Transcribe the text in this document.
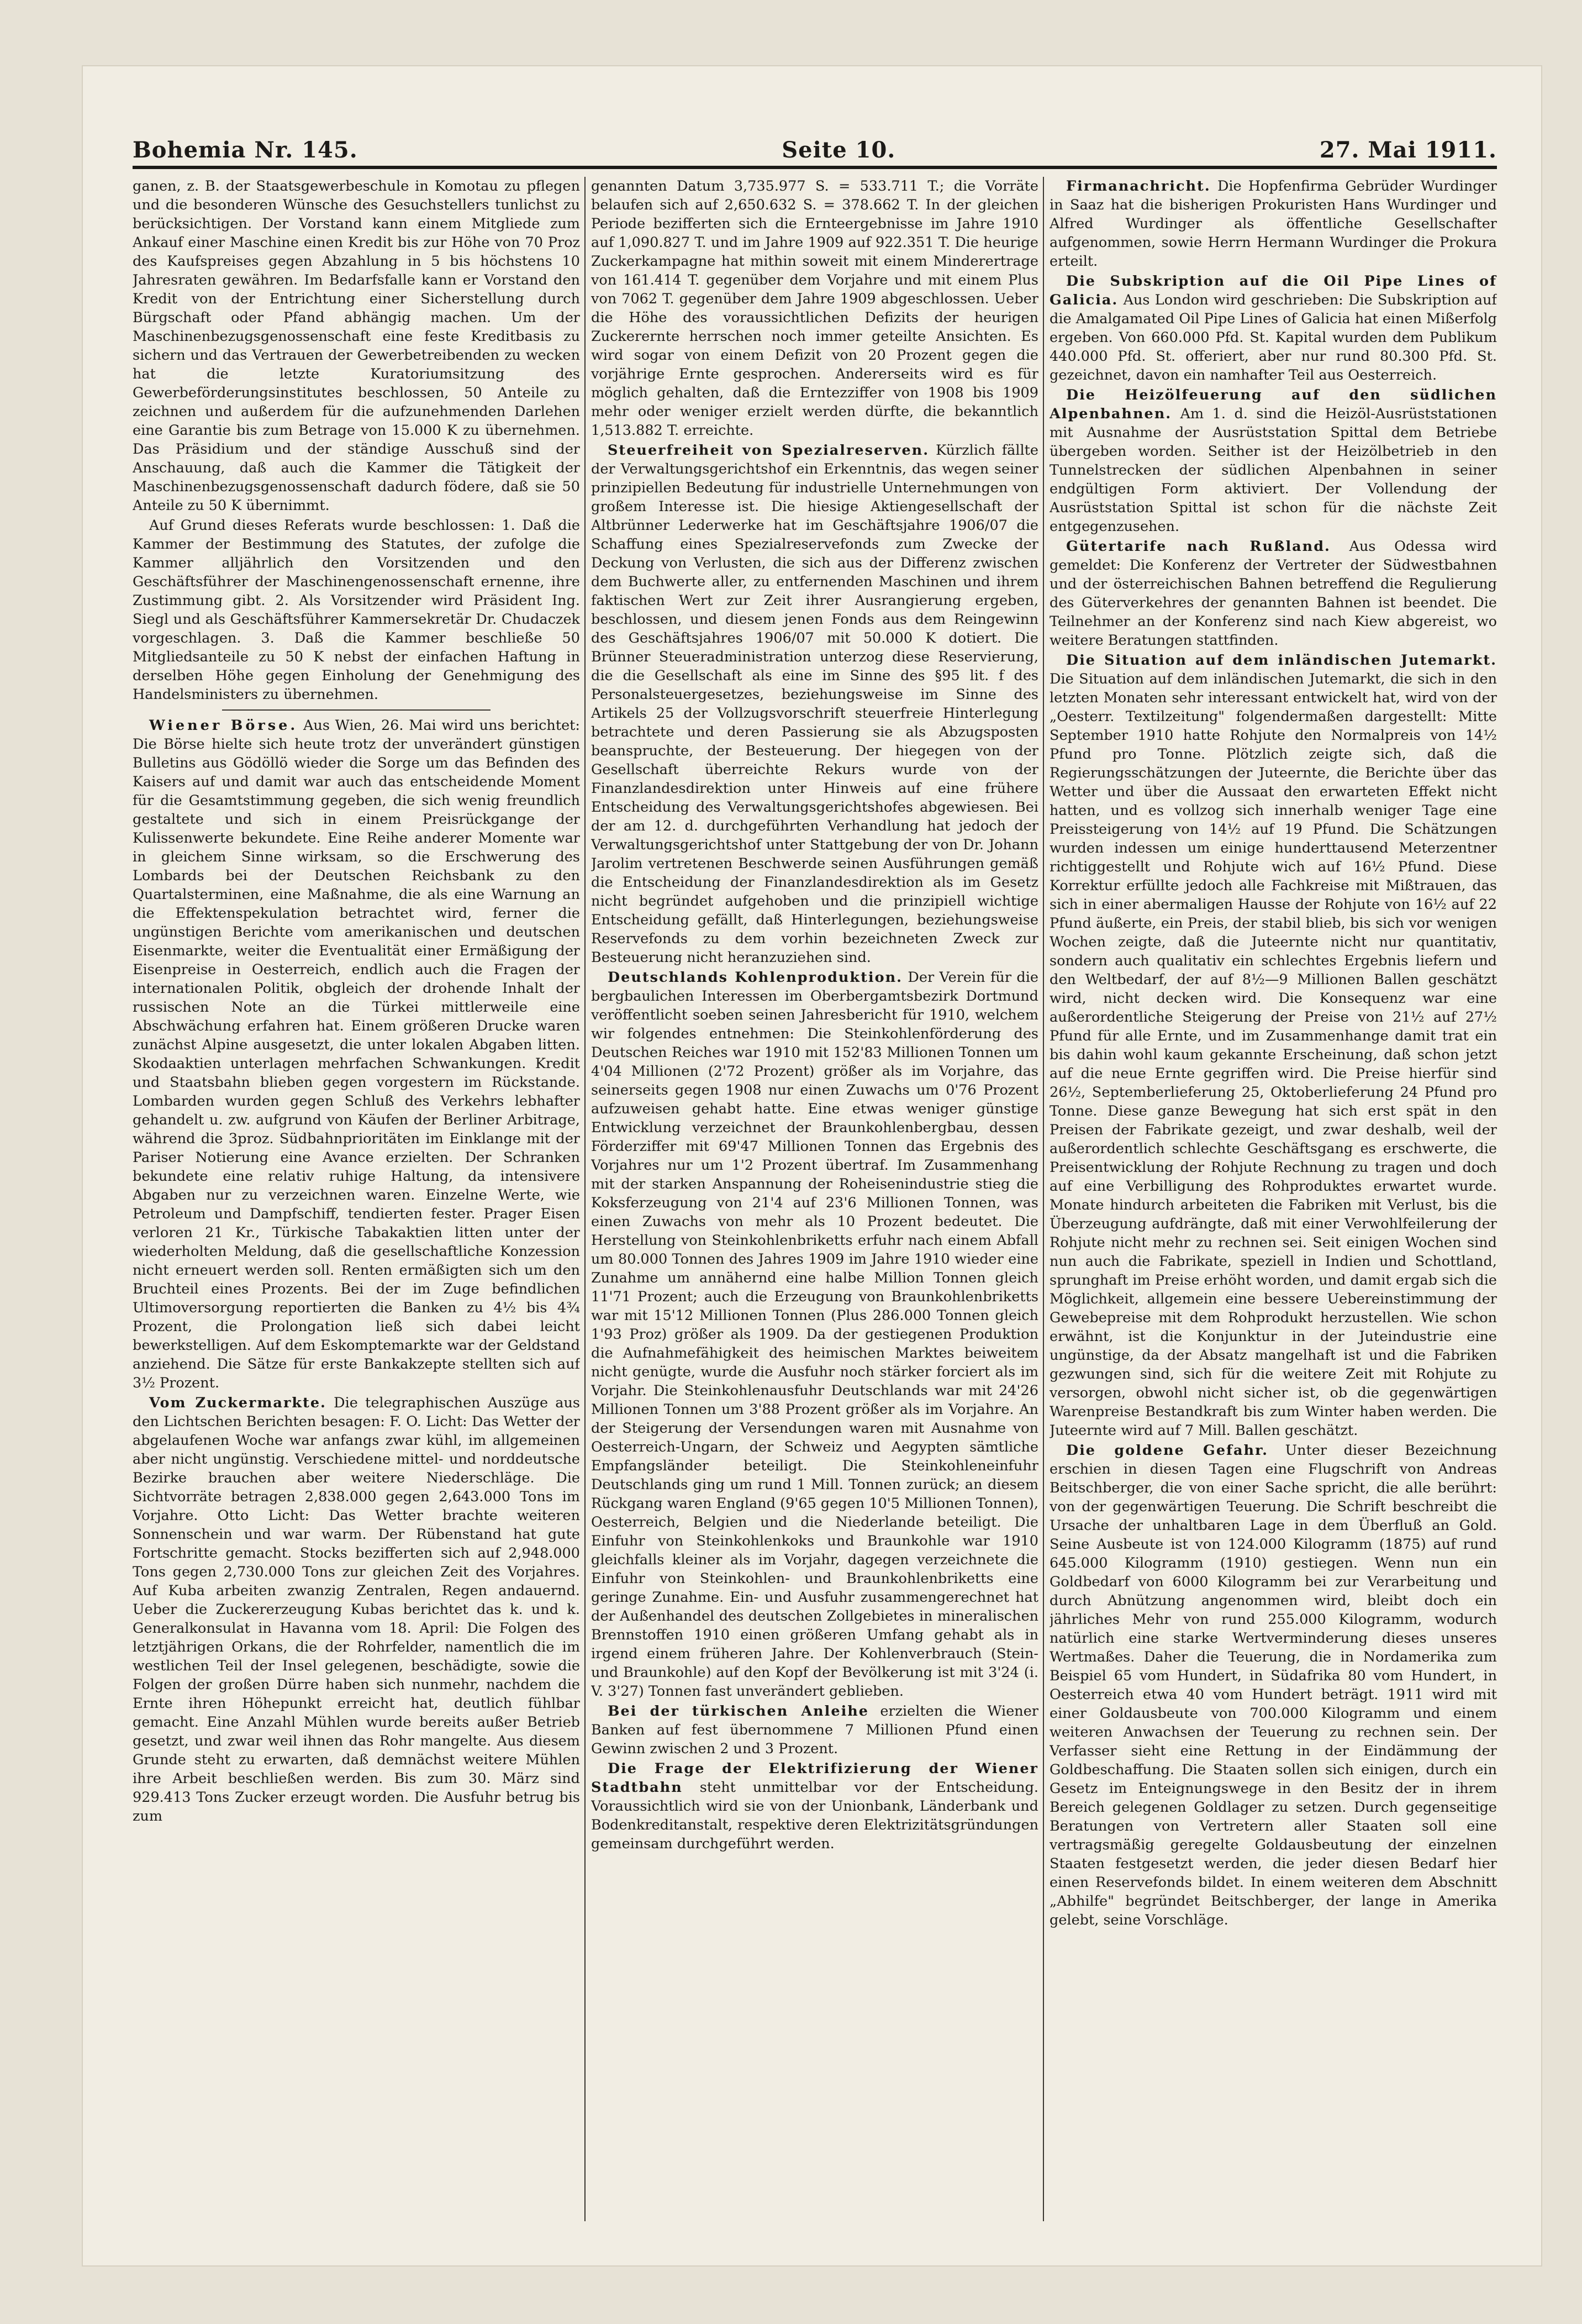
Bohemia Nr. 145.	Seite 10.	27. Mai 1911.

ganen, z. B. der Staatsgewerbeschule in Komotau zu pflegen und die besonderen Wünsche des Gesuchstellers tunlichst zu berücksichtigen. Der Vorstand kann einem Mitgliede zum Ankauf einer Maschine einen Kredit bis zur Höhe von 70 Proz des Kaufspreises gegen Abzahlung in 5 bis höchstens 10 Jahresraten gewähren. Im Bedarfsfalle kann er Vorstand den Kredit von der Entrichtung einer Sicherstellung durch Bürgschaft oder Pfand abhängig machen. Um der Maschinenbezugsgenossenschaft eine feste Kreditbasis zu sichern und das Vertrauen der Gewerbetreibenden zu wecken hat die letzte Kuratoriumsitzung des Gewerbeförderungsinstitutes beschlossen, 50 Anteile zu zeichnen und außerdem für die aufzunehmenden Darlehen eine Garantie bis zum Betrage von 15.000 K zu übernehmen. Das Präsidium und der ständige Ausschuß sind der Anschauung, daß auch die Kammer die Tätigkeit der Maschinenbezugsgenossenschaft dadurch födere, daß sie 50 Anteile zu 50 K übernimmt.

Auf Grund dieses Referats wurde beschlossen: 1. Daß die Kammer der Bestimmung des Statutes, der zufolge die Kammer alljährlich den Vorsitzenden und den Geschäftsführer der Maschinengenossenschaft ernenne, ihre Zustimmung gibt. 2. Als Vorsitzender wird Präsident Ing. Siegl und als Geschäftsführer Kammersekretär Dr. Chudaczek vorgeschlagen. 3. Daß die Kammer beschließe 50 Mitgliedsanteile zu 50 K nebst der einfachen Haftung in derselben Höhe gegen Einholung der Genehmigung des Handelsministers zu übernehmen.

Wiener Börse. Aus Wien, 26. Mai wird uns berichtet: Die Börse hielte sich heute trotz der unverändert günstigen Bulletins aus Gödöllö wieder die Sorge um das Befinden des Kaisers auf und damit war auch das entscheidende Moment für die Gesamtstimmung gegeben, die sich wenig freundlich gestaltete und sich in einem Preisrückgange der Kulissenwerte bekundete. Eine Reihe anderer Momente war in gleichem Sinne wirksam, so die Erschwerung des Lombards bei der Deutschen Reichsbank zu den Quartalsterminen, eine Maßnahme, die als eine Warnung an die Effektenspekulation betrachtet wird, ferner die ungünstigen Berichte vom amerikanischen und deutschen Eisenmarkte, weiter die Eventualität einer Ermäßigung der Eisenpreise in Oesterreich, endlich auch die Fragen der internationalen Politik, obgleich der drohende Inhalt der russischen Note an die Türkei mittlerweile eine Abschwächung erfahren hat. Einem größeren Drucke waren zunächst Alpine ausgesetzt, die unter lokalen Abgaben litten. Skodaaktien unterlagen mehrfachen Schwankungen. Kredit und Staatsbahn blieben gegen vorgestern im Rückstande. Lombarden wurden gegen Schluß des Verkehrs lebhafter gehandelt u. zw. aufgrund von Käufen der Berliner Arbitrage, während die 3proz. Südbahnprioritäten im Einklange mit der Pariser Notierung eine Avance erzielten. Der Schranken bekundete eine relativ ruhige Haltung, da intensivere Abgaben nur zu verzeichnen waren. Einzelne Werte, wie Petroleum und Dampfschiff, tendierten fester. Prager Eisen verloren 21 Kr., Türkische Tabakaktien litten unter der wiederholten Meldung, daß die gesellschaftliche Konzession nicht erneuert werden soll. Renten ermäßigten sich um den Bruchteil eines Prozents. Bei der im Zuge befindlichen Ultimoversorgung reportierten die Banken zu 4½ bis 4¾ Prozent, die Prolongation ließ sich dabei leicht bewerkstelligen. Auf dem Eskomptemarkte war der Geldstand anziehend. Die Sätze für erste Bankakzepte stellten sich auf 3½ Prozent.

Vom Zuckermarkte. Die telegraphischen Auszüge aus den Lichtschen Berichten besagen: F. O. Licht: Das Wetter der abgelaufenen Woche war anfangs zwar kühl, im allgemeinen aber nicht ungünstig. Verschiedene mittel- und norddeutsche Bezirke brauchen aber weitere Niederschläge. Die Sichtvorräte betragen 2,838.000 gegen 2,643.000 Tons im Vorjahre. Otto Licht: Das Wetter brachte weiteren Sonnenschein und war warm. Der Rübenstand hat gute Fortschritte gemacht. Stocks bezifferten sich auf 2,948.000 Tons gegen 2,730.000 Tons zur gleichen Zeit des Vorjahres. Auf Kuba arbeiten zwanzig Zentralen, Regen andauernd. Ueber die Zuckererzeugung Kubas berichtet das k. und k. Generalkonsulat in Havanna vom 18. April: Die Folgen des letztjährigen Orkans, die der Rohrfelder, namentlich die im westlichen Teil der Insel gelegenen, beschädigte, sowie die Folgen der großen Dürre haben sich nunmehr, nachdem die Ernte ihren Höhepunkt erreicht hat, deutlich fühlbar gemacht. Eine Anzahl Mühlen wurde bereits außer Betrieb gesetzt, und zwar weil ihnen das Rohr mangelte. Aus diesem Grunde steht zu erwarten, daß demnächst weitere Mühlen ihre Arbeit beschließen werden. Bis zum 30. März sind 929.413 Tons Zucker erzeugt worden. Die Ausfuhr betrug bis zum

genannten Datum 3,735.977 S. = 533.711 T.; die Vorräte belaufen sich auf 2,650.632 S. = 378.662 T. In der gleichen Periode bezifferten sich die Ernteergebnisse im Jahre 1910 auf 1,090.827 T. und im Jahre 1909 auf 922.351 T. Die heurige Zuckerkampagne hat mithin soweit mit einem Minderertrage von 161.414 T. gegenüber dem Vorjahre und mit einem Plus von 7062 T. gegenüber dem Jahre 1909 abgeschlossen. Ueber die Höhe des voraussichtlichen Defizits der heurigen Zuckerernte herrschen noch immer geteilte Ansichten. Es wird sogar von einem Defizit von 20 Prozent gegen die vorjährige Ernte gesprochen. Andererseits wird es für möglich gehalten, daß die Erntezziffer von 1908 bis 1909 mehr oder weniger erzielt werden dürfte, die bekanntlich 1,513.882 T. erreichte.

Steuerfreiheit von Spezialreserven. Kürzlich fällte der Verwaltungsgerichtshof ein Erkenntnis, das wegen seiner prinzipiellen Bedeutung für industrielle Unternehmungen von großem Interesse ist. Die hiesige Aktiengesellschaft der Altbrünner Lederwerke hat im Geschäftsjahre 1906/07 die Schaffung eines Spezialreservefonds zum Zwecke der Deckung von Verlusten, die sich aus der Differenz zwischen dem Buchwerte aller, zu entfernenden Maschinen und ihrem faktischen Wert zur Zeit ihrer Ausrangierung ergeben, beschlossen, und diesem jenen Fonds aus dem Reingewinn des Geschäftsjahres 1906/07 mit 50.000 K dotiert. Die Brünner Steueradministration unterzog diese Reservierung, die die Gesellschaft als eine im Sinne des §95 lit. f des Personalsteuergesetzes, beziehungsweise im Sinne des Artikels 25 der Vollzugsvorschrift steuerfreie Hinterlegung betrachtete und deren Passierung sie als Abzugsposten beanspruchte, der Besteuerung. Der hiegegen von der Gesellschaft überreichte Rekurs wurde von der Finanzlandesdirektion unter Hinweis auf eine frühere Entscheidung des Verwaltungsgerichtshofes abgewiesen. Bei der am 12. d. durchgeführten Verhandlung hat jedoch der Verwaltungsgerichtshof unter Stattgebung der von Dr. Johann Jarolim vertretenen Beschwerde seinen Ausführungen gemäß die Entscheidung der Finanzlandesdirektion als im Gesetz nicht begründet aufgehoben und die prinzipiell wichtige Entscheidung gefällt, daß Hinterlegungen, beziehungsweise Reservefonds zu dem vorhin bezeichneten Zweck zur Besteuerung nicht heranzuziehen sind.

Deutschlands Kohlenproduktion. Der Verein für die bergbaulichen Interessen im Oberbergamtsbezirk Dortmund veröffentlicht soeben seinen Jahresbericht für 1910, welchem wir folgendes entnehmen: Die Steinkohlenförderung des Deutschen Reiches war 1910 mit 152'83 Millionen Tonnen um 4'04 Millionen (2'72 Prozent) größer als im Vorjahre, das seinerseits gegen 1908 nur einen Zuwachs um 0'76 Prozent aufzuweisen gehabt hatte. Eine etwas weniger günstige Entwicklung verzeichnet der Braunkohlenbergbau, dessen Förderziffer mit 69'47 Millionen Tonnen das Ergebnis des Vorjahres nur um 1'2 Prozent übertraf. Im Zusammenhang mit der starken Anspannung der Roheisenindustrie stieg die Koksferzeugung von 21'4 auf 23'6 Millionen Tonnen, was einen Zuwachs von mehr als 10 Prozent bedeutet. Die Herstellung von Steinkohlenbriketts erfuhr nach einem Abfall um 80.000 Tonnen des Jahres 1909 im Jahre 1910 wieder eine Zunahme um annähernd eine halbe Million Tonnen gleich 11'71 Prozent; auch die Erzeugung von Braunkohlenbriketts war mit 15'12 Millionen Tonnen (Plus 286.000 Tonnen gleich 1'93 Proz) größer als 1909. Da der gestiegenen Produktion die Aufnahmefähigkeit des heimischen Marktes beiweitem nicht genügte, wurde die Ausfuhr noch stärker forciert als im Vorjahr. Die Steinkohlenausfuhr Deutschlands war mit 24'26 Millionen Tonnen um 3'88 Prozent größer als im Vorjahre. An der Steigerung der Versendungen waren mit Ausnahme von Oesterreich-Ungarn, der Schweiz und Aegypten sämtliche Empfangsländer beteiligt. Die Steinkohleneinfuhr Deutschlands ging um rund 1 Mill. Tonnen zurück; an diesem Rückgang waren England (9'65 gegen 10'5 Millionen Tonnen), Oesterreich, Belgien und die Niederlande beteiligt. Die Einfuhr von Steinkohlenkoks und Braunkohle war 1910 gleichfalls kleiner als im Vorjahr, dagegen verzeichnete die Einfuhr von Steinkohlen- und Braunkohlenbriketts eine geringe Zunahme. Ein- und Ausfuhr zusammengerechnet hat der Außenhandel des deutschen Zollgebietes in mineralischen Brennstoffen 1910 einen größeren Umfang gehabt als in irgend einem früheren Jahre. Der Kohlenverbrauch (Stein- und Braunkohle) auf den Kopf der Bevölkerung ist mit 3'24 (i. V. 3'27) Tonnen fast unverändert geblieben.

Bei der türkischen Anleihe erzielten die Wiener Banken auf fest übernommene 7 Millionen Pfund einen Gewinn zwischen 2 und 3 Prozent.

Die Frage der Elektrifizierung der Wiener Stadtbahn steht unmittelbar vor der Entscheidung. Voraussichtlich wird sie von der Unionbank, Länderbank und Bodenkreditanstalt, respektive deren Elektrizitätsgründungen gemeinsam durchgeführt werden.

Firmanachricht. Die Hopfenfirma Gebrüder Wurdinger in Saaz hat die bisherigen Prokuristen Hans Wurdinger und Alfred Wurdinger als öffentliche Gesellschafter aufgenommen, sowie Herrn Hermann Wurdinger die Prokura erteilt.

Die Subskription auf die Oil Pipe Lines of Galicia. Aus London wird geschrieben: Die Subskription auf die Amalgamated Oil Pipe Lines of Galicia hat einen Mißerfolg ergeben. Von 660.000 Pfd. St. Kapital wurden dem Publikum 440.000 Pfd. St. offeriert, aber nur rund 80.300 Pfd. St. gezeichnet, davon ein namhafter Teil aus Oesterreich.

Die Heizölfeuerung auf den südlichen Alpenbahnen. Am 1. d. sind die Heizöl-Ausrüststationen mit Ausnahme der Ausrüststation Spittal dem Betriebe übergeben worden. Seither ist der Heizölbetrieb in den Tunnelstrecken der südlichen Alpenbahnen in seiner endgültigen Form aktiviert. Der Vollendung der Ausrüststation Spittal ist schon für die nächste Zeit entgegenzusehen.

Gütertarife nach Rußland. Aus Odessa wird gemeldet: Die Konferenz der Vertreter der Südwestbahnen und der österreichischen Bahnen betreffend die Regulierung des Güterverkehres der genannten Bahnen ist beendet. Die Teilnehmer an der Konferenz sind nach Kiew abgereist, wo weitere Beratungen stattfinden.

Die Situation auf dem inländischen Jutemarkt. Die Situation auf dem inländischen Jutemarkt, die sich in den letzten Monaten sehr interessant entwickelt hat, wird von der „Oesterr. Textilzeitung" folgendermaßen dargestellt: Mitte September 1910 hatte Rohjute den Normalpreis von 14½ Pfund pro Tonne. Plötzlich zeigte sich, daß die Regierungsschätzungen der Juteernte, die Berichte über das Wetter und über die Aussaat den erwarteten Effekt nicht hatten, und es vollzog sich innerhalb weniger Tage eine Preissteigerung von 14½ auf 19 Pfund. Die Schätzungen wurden indessen um einige hunderttausend Meterzentner richtiggestellt und Rohjute wich auf 16½ Pfund. Diese Korrektur erfüllte jedoch alle Fachkreise mit Mißtrauen, das sich in einer abermaligen Hausse der Rohjute von 16½ auf 22 Pfund äußerte, ein Preis, der stabil blieb, bis sich vor wenigen Wochen zeigte, daß die Juteernte nicht nur quantitativ, sondern auch qualitativ ein schlechtes Ergebnis liefern und den Weltbedarf, der auf 8½—9 Millionen Ballen geschätzt wird, nicht decken wird. Die Konsequenz war eine außerordentliche Steigerung der Preise von 21½ auf 27½ Pfund für alle Ernte, und im Zusammenhange damit trat ein bis dahin wohl kaum gekannte Erscheinung, daß schon jetzt auf die neue Ernte gegriffen wird. Die Preise hierfür sind 26½, Septemberlieferung 25, Oktoberlieferung 24 Pfund pro Tonne. Diese ganze Bewegung hat sich erst spät in den Preisen der Fabrikate gezeigt, und zwar deshalb, weil der außerordentlich schlechte Geschäftsgang es erschwerte, die Preisentwicklung der Rohjute Rechnung zu tragen und doch auf eine Verbilligung des Rohproduktes erwartet wurde. Monate hindurch arbeiteten die Fabriken mit Verlust, bis die Überzeugung aufdrängte, daß mit einer Verwohlfeilerung der Rohjute nicht mehr zu rechnen sei. Seit einigen Wochen sind nun auch die Fabrikate, speziell in Indien und Schottland, sprunghaft im Preise erhöht worden, und damit ergab sich die Möglichkeit, allgemein eine bessere Uebereinstimmung der Gewebepreise mit dem Rohprodukt herzustellen. Wie schon erwähnt, ist die Konjunktur in der Juteindustrie eine ungünstige, da der Absatz mangelhaft ist und die Fabriken gezwungen sind, sich für die weitere Zeit mit Rohjute zu versorgen, obwohl nicht sicher ist, ob die gegenwärtigen Warenpreise Bestandkraft bis zum Winter haben werden. Die Juteernte wird auf 7 Mill. Ballen geschätzt.

Die goldene Gefahr. Unter dieser Bezeichnung erschien in diesen Tagen eine Flugschrift von Andreas Beitschberger, die von einer Sache spricht, die alle berührt: von der gegenwärtigen Teuerung. Die Schrift beschreibt die Ursache der unhaltbaren Lage in dem Überfluß an Gold. Seine Ausbeute ist von 124.000 Kilogramm (1875) auf rund 645.000 Kilogramm (1910) gestiegen. Wenn nun ein Goldbedarf von 6000 Kilogramm bei zur Verarbeitung und durch Abnützung angenommen wird, bleibt doch ein jährliches Mehr von rund 255.000 Kilogramm, wodurch natürlich eine starke Wertverminderung dieses unseres Wertmaßes. Daher die Teuerung, die in Nordamerika zum Beispiel 65 vom Hundert, in Südafrika 80 vom Hundert, in Oesterreich etwa 40 vom Hundert beträgt. 1911 wird mit einer Goldausbeute von 700.000 Kilogramm und einem weiteren Anwachsen der Teuerung zu rechnen sein. Der Verfasser sieht eine Rettung in der Eindämmung der Goldbeschaffung. Die Staaten sollen sich einigen, durch ein Gesetz im Enteignungswege in den Besitz der in ihrem Bereich gelegenen Goldlager zu setzen. Durch gegenseitige Beratungen von Vertretern aller Staaten soll eine vertragsmäßig geregelte Goldausbeutung der einzelnen Staaten festgesetzt werden, die jeder diesen Bedarf hier einen Reservefonds bildet. In einem weiteren dem Abschnitt „Abhilfe" begründet Beitschberger, der lange in Amerika gelebt, seine Vorschläge.
